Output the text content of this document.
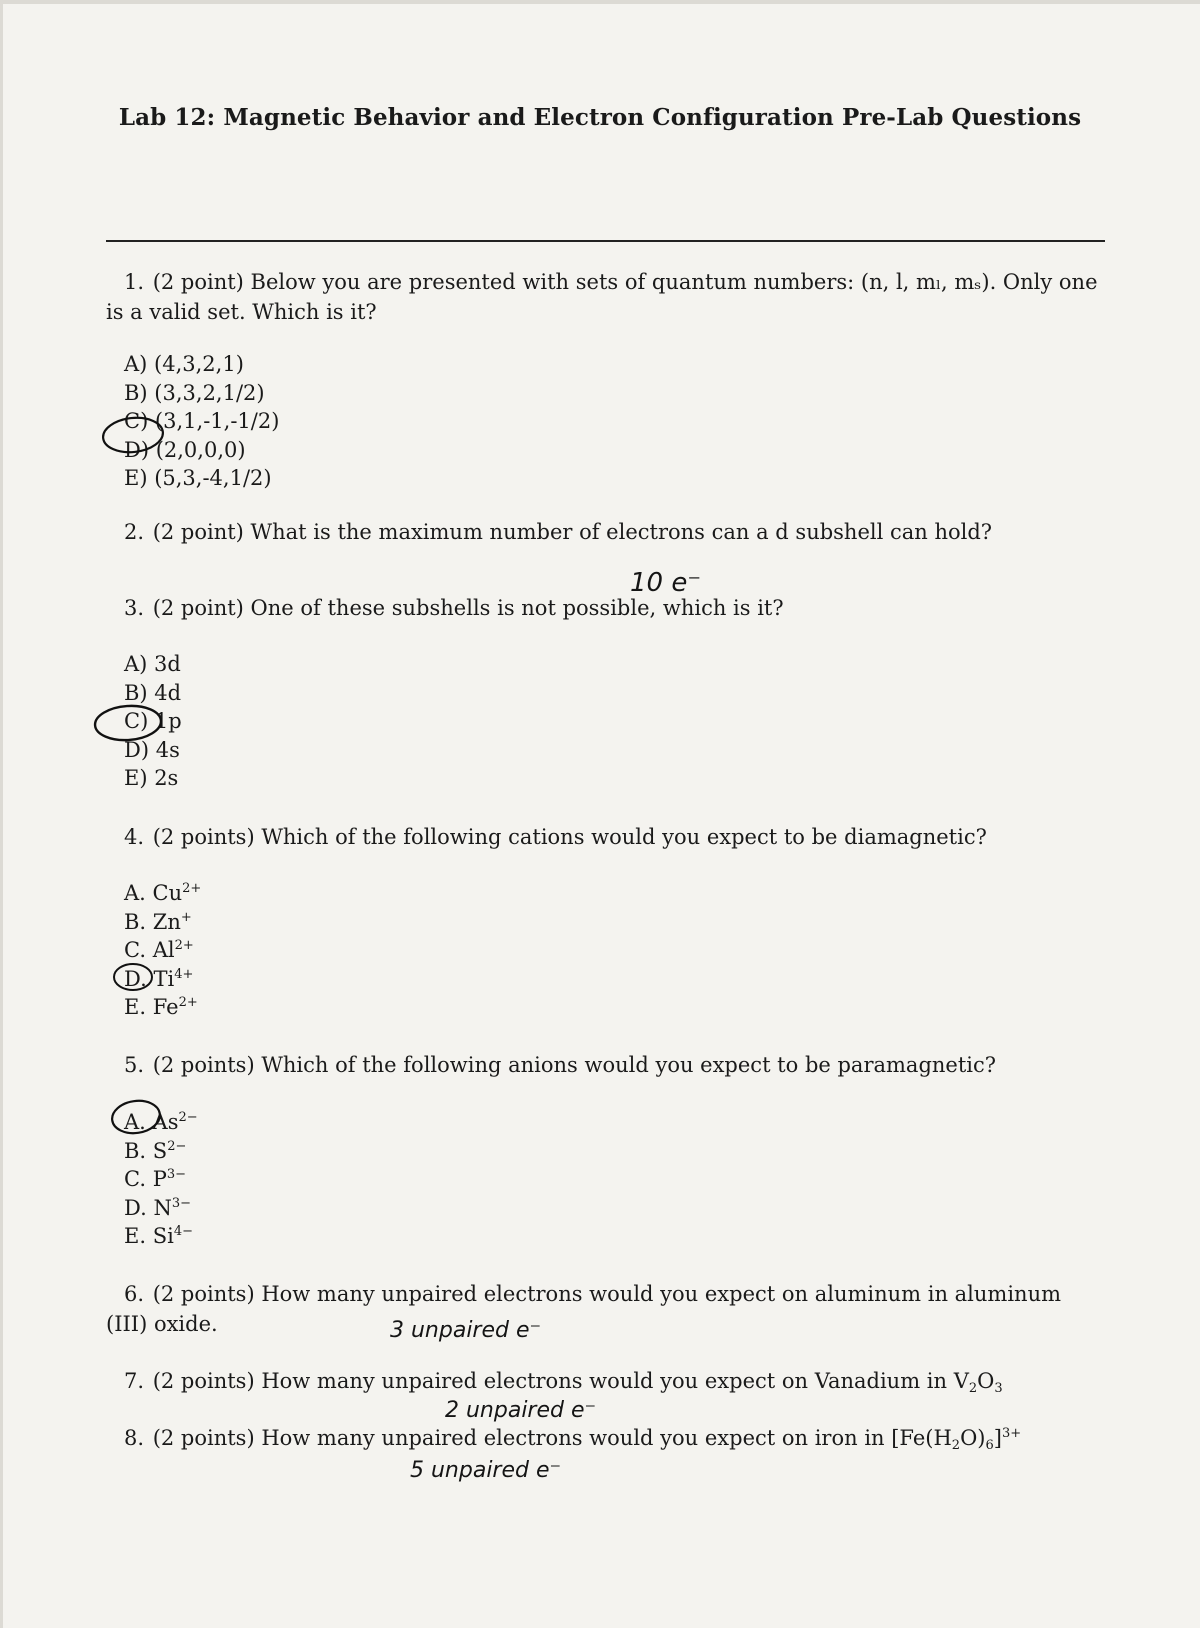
Lab 12: Magnetic Behavior and Electron Configuration Pre-Lab Questions
1. (2 point) Below you are presented with sets of quantum numbers: (n, l, mₗ, mₛ). Only one is a valid set. Which is it?
A) (4,3,2,1)
B) (3,3,2,1/2)
C) (3,1,-1,-1/2)
D) (2,0,0,0)
E) (5,3,-4,1/2)
2. (2 point) What is the maximum number of electrons can a d subshell can hold?
10 e⁻
3. (2 point) One of these subshells is not possible, which is it?
A) 3d
B) 4d
C) 1p
D) 4s
E) 2s
4. (2 points) Which of the following cations would you expect to be diamagnetic?
A. $Cu^{2+}$
B. Zn+
C. $Al^{2+}$
D. $Ti^{4+}$
E. $Fe^{2+}$
5. (2 points) Which of the following anions would you expect to be paramagnetic?
A. $As^{2-}$
B. $S^{2-}$
C. $P^{3-}$
D. $N^{3-}$
E. $Si^{4-}$
6. (2 points) How many unpaired electrons would you expect on aluminum in aluminum (III) oxide.	3 unpaired e⁻
7. (2 points) How many unpaired electrons would you expect on Vanadium in $V_2O_3$
2 unpaired e⁻
8. (2 points) How many unpaired electrons would you expect on iron in $[Fe(H_2O)_6]^{3+}$
5 unpaired e⁻
